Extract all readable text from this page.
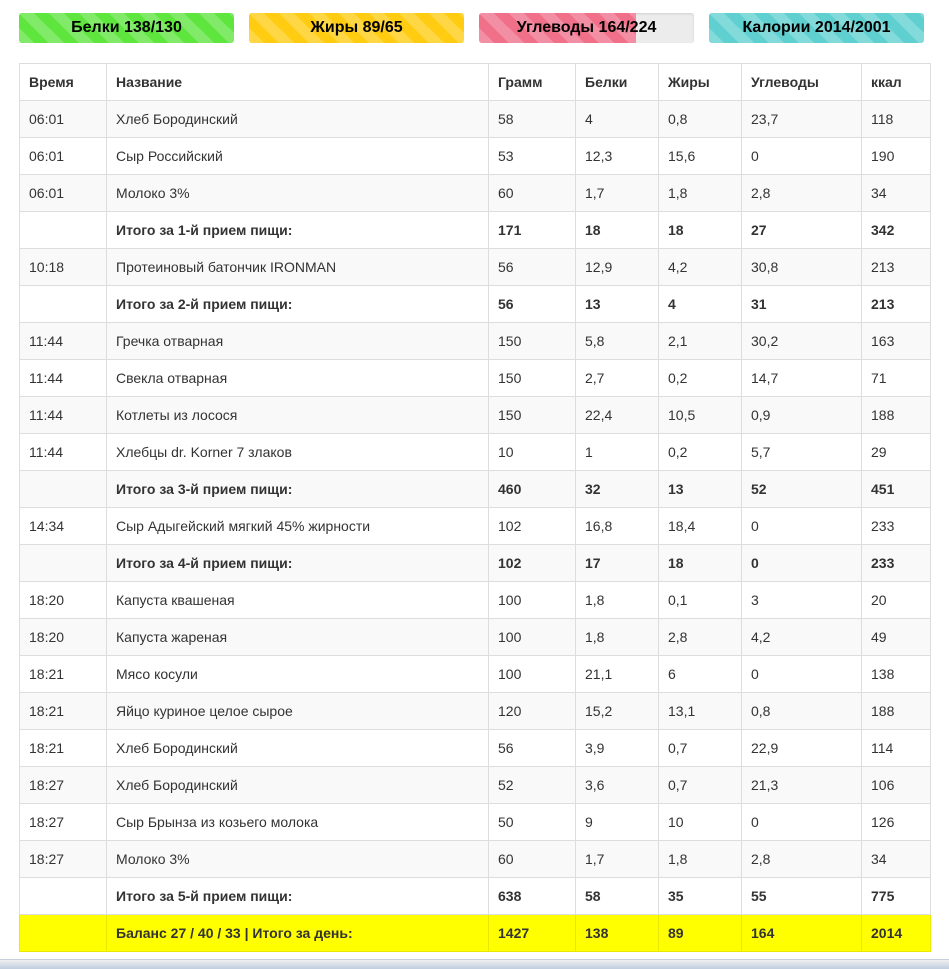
Белки 138/130	Жиры 89/65	Углеводы 164/224	Калории 2014/2001
Время	Название	Грамм	Белки	Жиры	Углеводы	ккал
06:01	Хлеб Бородинский	58	4	0,8	23,7	118
06:01	Сыр Российский	53	12,3	15,6	0	190
06:01	Молоко 3%	60	1,7	1,8	2,8	34
	Итого за 1-й прием пищи:	171	18	18	27	342
10:18	Протеиновый батончик IRONMAN	56	12,9	4,2	30,8	213
	Итого за 2-й прием пищи:	56	13	4	31	213
11:44	Гречка отварная	150	5,8	2,1	30,2	163
11:44	Свекла отварная	150	2,7	0,2	14,7	71
11:44	Котлеты из лосося	150	22,4	10,5	0,9	188
11:44	Хлебцы dr. Korner 7 злаков	10	1	0,2	5,7	29
	Итого за 3-й прием пищи:	460	32	13	52	451
14:34	Сыр Адыгейский мягкий 45% жирности	102	16,8	18,4	0	233
	Итого за 4-й прием пищи:	102	17	18	0	233
18:20	Капуста квашеная	100	1,8	0,1	3	20
18:20	Капуста жареная	100	1,8	2,8	4,2	49
18:21	Мясо косули	100	21,1	6	0	138
18:21	Яйцо куриное целое сырое	120	15,2	13,1	0,8	188
18:21	Хлеб Бородинский	56	3,9	0,7	22,9	114
18:27	Хлеб Бородинский	52	3,6	0,7	21,3	106
18:27	Сыр Брынза из козьего молока	50	9	10	0	126
18:27	Молоко 3%	60	1,7	1,8	2,8	34
	Итого за 5-й прием пищи:	638	58	35	55	775
	Баланс 27 / 40 / 33 | Итого за день:	1427	138	89	164	2014
